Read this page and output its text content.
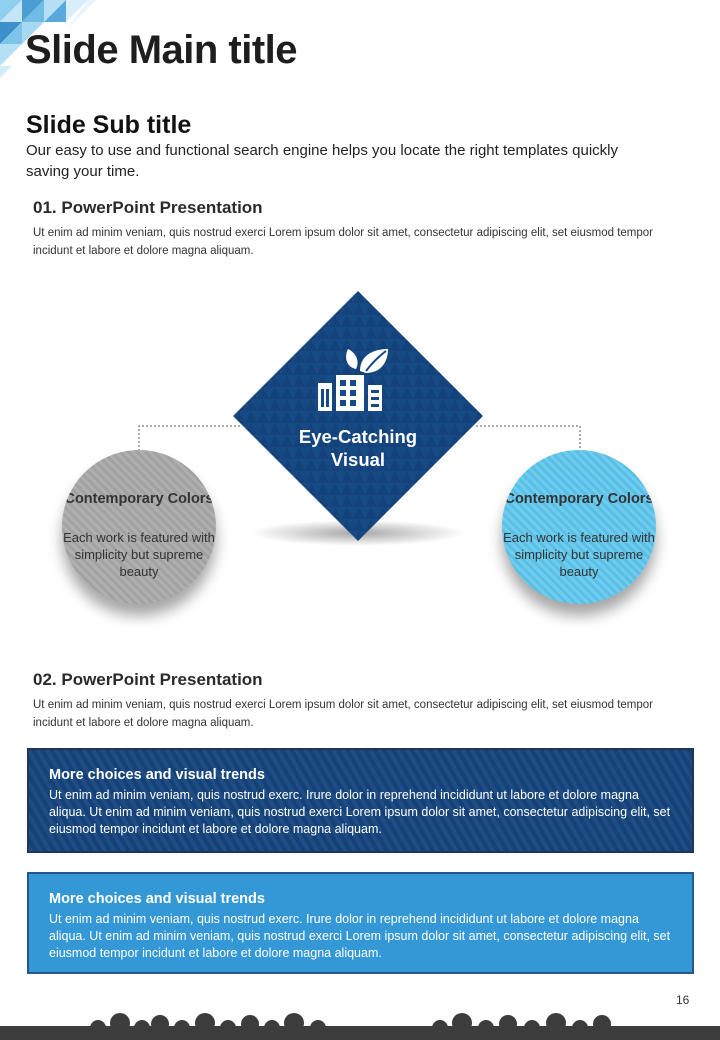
Slide Main title
Slide Sub title
Our easy to use and functional search engine helps you locate the right templates quickly saving your time.
01. PowerPoint Presentation
Ut enim ad minim veniam, quis nostrud exerci Lorem ipsum dolor sit amet, consectetur adipiscing elit, set eiusmod tempor incidunt et labore et dolore magna aliquam.
Eye-Catching Visual
Contemporary Colors
Each work is featured with simplicity but supreme beauty
Contemporary Colors
Each work is featured with simplicity but supreme beauty
02. PowerPoint Presentation
Ut enim ad minim veniam, quis nostrud exerci Lorem ipsum dolor sit amet, consectetur adipiscing elit, set eiusmod tempor incidunt et labore et dolore magna aliquam.
More choices and visual trends
Ut enim ad minim veniam, quis nostrud exerc. Irure dolor in reprehend incididunt ut labore et dolore magna aliqua. Ut enim ad minim veniam, quis nostrud exerci Lorem ipsum dolor sit amet, consectetur adipiscing elit, set eiusmod tempor incidunt et labore et dolore magna aliquam.
More choices and visual trends
Ut enim ad minim veniam, quis nostrud exerc. Irure dolor in reprehend incididunt ut labore et dolore magna aliqua. Ut enim ad minim veniam, quis nostrud exerci Lorem ipsum dolor sit amet, consectetur adipiscing elit, set eiusmod tempor incidunt et labore et dolore magna aliquam.
16
